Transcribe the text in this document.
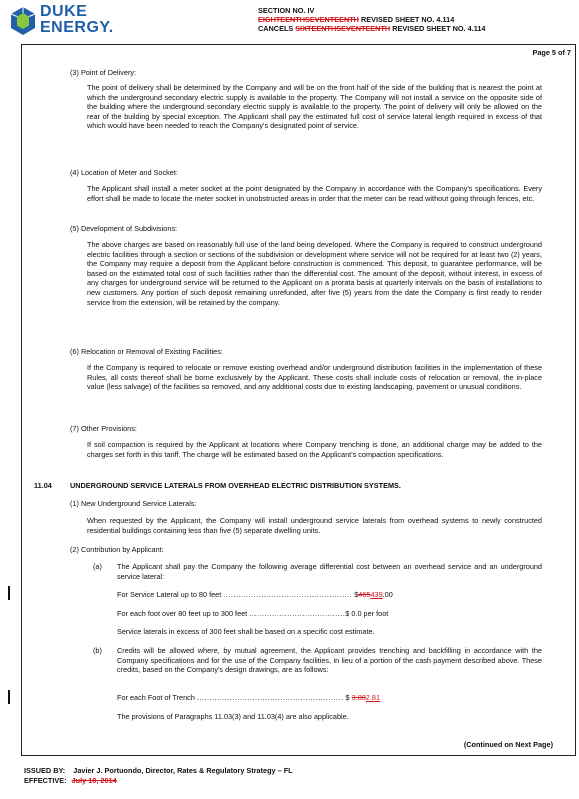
DUKE
ENERGY.
SECTION NO. IV
EIGHTEENTHSEVENTEENTH REVISED SHEET NO. 4.114
CANCELS SIXTEENTHSEVENTEENTH REVISED SHEET NO. 4.114
Page 5 of 7
(3) Point of Delivery:
The point of delivery shall be determined by the Company and will be on the front half of the side of the building that is nearest the point at which the underground secondary electric supply is available to the property. The Company will not install a service on the opposite side of the building where the underground secondary electric supply is available to the property. The point of delivery will only be allowed on the rear of the building by special exception. The Applicant shall pay the estimated full cost of service lateral length required in excess of that which would have been needed to reach the Company's designated point of service.
(4) Location of Meter and Socket:
The Applicant shall install a meter socket at the point designated by the Company in accordance with the Company's specifications. Every effort shall be made to locate the meter socket in unobstructed areas in order that the meter can be read without going through fences, etc.
(5) Development of Subdivisions:
The above charges are based on reasonably full use of the land being developed. Where the Company is required to construct underground electric facilities through a section or sections of the subdivision or development where service will not be required for at least two (2) years, the Company may require a deposit from the Applicant before construction is commenced. This deposit, to guarantee performance, will be based on the estimated total cost of such facilities rather than the differential cost. The amount of the deposit, without interest, in excess of any charges for underground service will be returned to the Applicant on a prorata basis at quarterly intervals on the basis of installations to new customers. Any portion of such deposit remaining unrefunded, after five (5) years from the date the Company is first ready to render service from the extension, will be retained by the company.
(6) Relocation or Removal of Existing Facilities:
If the Company is required to relocate or remove existing overhead and/or underground distribution facilities in the implementation of these Rules, all costs thereof shall be borne exclusively by the Applicant. These costs shall include costs of relocation or removal, the in-place value (less salvage) of the facilities so removed, and any additional costs due to existing landscaping, pavement or unusual conditions.
(7) Other Provisions:
If soil compaction is required by the Applicant at locations where Company trenching is done, an additional charge may be added to the charges set forth in this tariff. The charge will be estimated based on the Applicant's compaction specifications.
11.04 UNDERGROUND SERVICE LATERALS FROM OVERHEAD ELECTRIC DISTRIBUTION SYSTEMS.
(1) New Underground Service Laterals:
When requested by the Applicant, the Company will install underground service laterals from overhead systems to newly constructed residential buildings containing less than five (5) separate dwelling units.
(2) Contribution by Applicant:
(a) The Applicant shall pay the Company the following average differential cost between an overhead service and an underground service lateral:
For Service Lateral up to 80 feet ................................................... $465439.00
For each foot over 80 feet up to 300 feet ......................................$ 0.0 per foot
Service laterals in excess of 300 feet shall be based on a specific cost estimate.
(b) Credits will be allowed where, by mutual agreement, the Applicant provides trenching and backfilling in accordance with the Company specifications and for the use of the Company facilities, in lieu of a portion of the cash payment described above. These credits, based on the Company's design drawings, are as follows:
For each Foot of Trench .......................................................... $ 3.882.81
The provisions of Paragraphs 11.03(3) and 11.03(4) are also applicable.
(Continued on Next Page)
ISSUED BY: Javier J. Portuondo, Director, Rates & Regulatory Strategy – FL
EFFECTIVE: July 10, 2014
